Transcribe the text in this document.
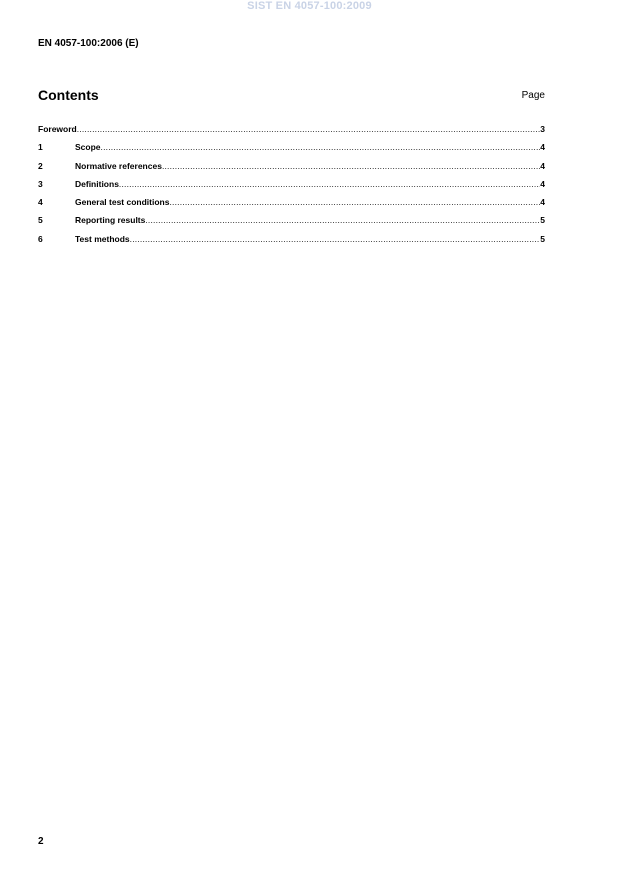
SIST EN 4057-100:2009
EN 4057-100:2006 (E)
Contents	Page
Foreword .....	3
1	Scope .....	4
2	Normative references .....	4
3	Definitions .....	4
4	General test conditions .....	4
5	Reporting results .....	5
6	Test methods .....	5
2
